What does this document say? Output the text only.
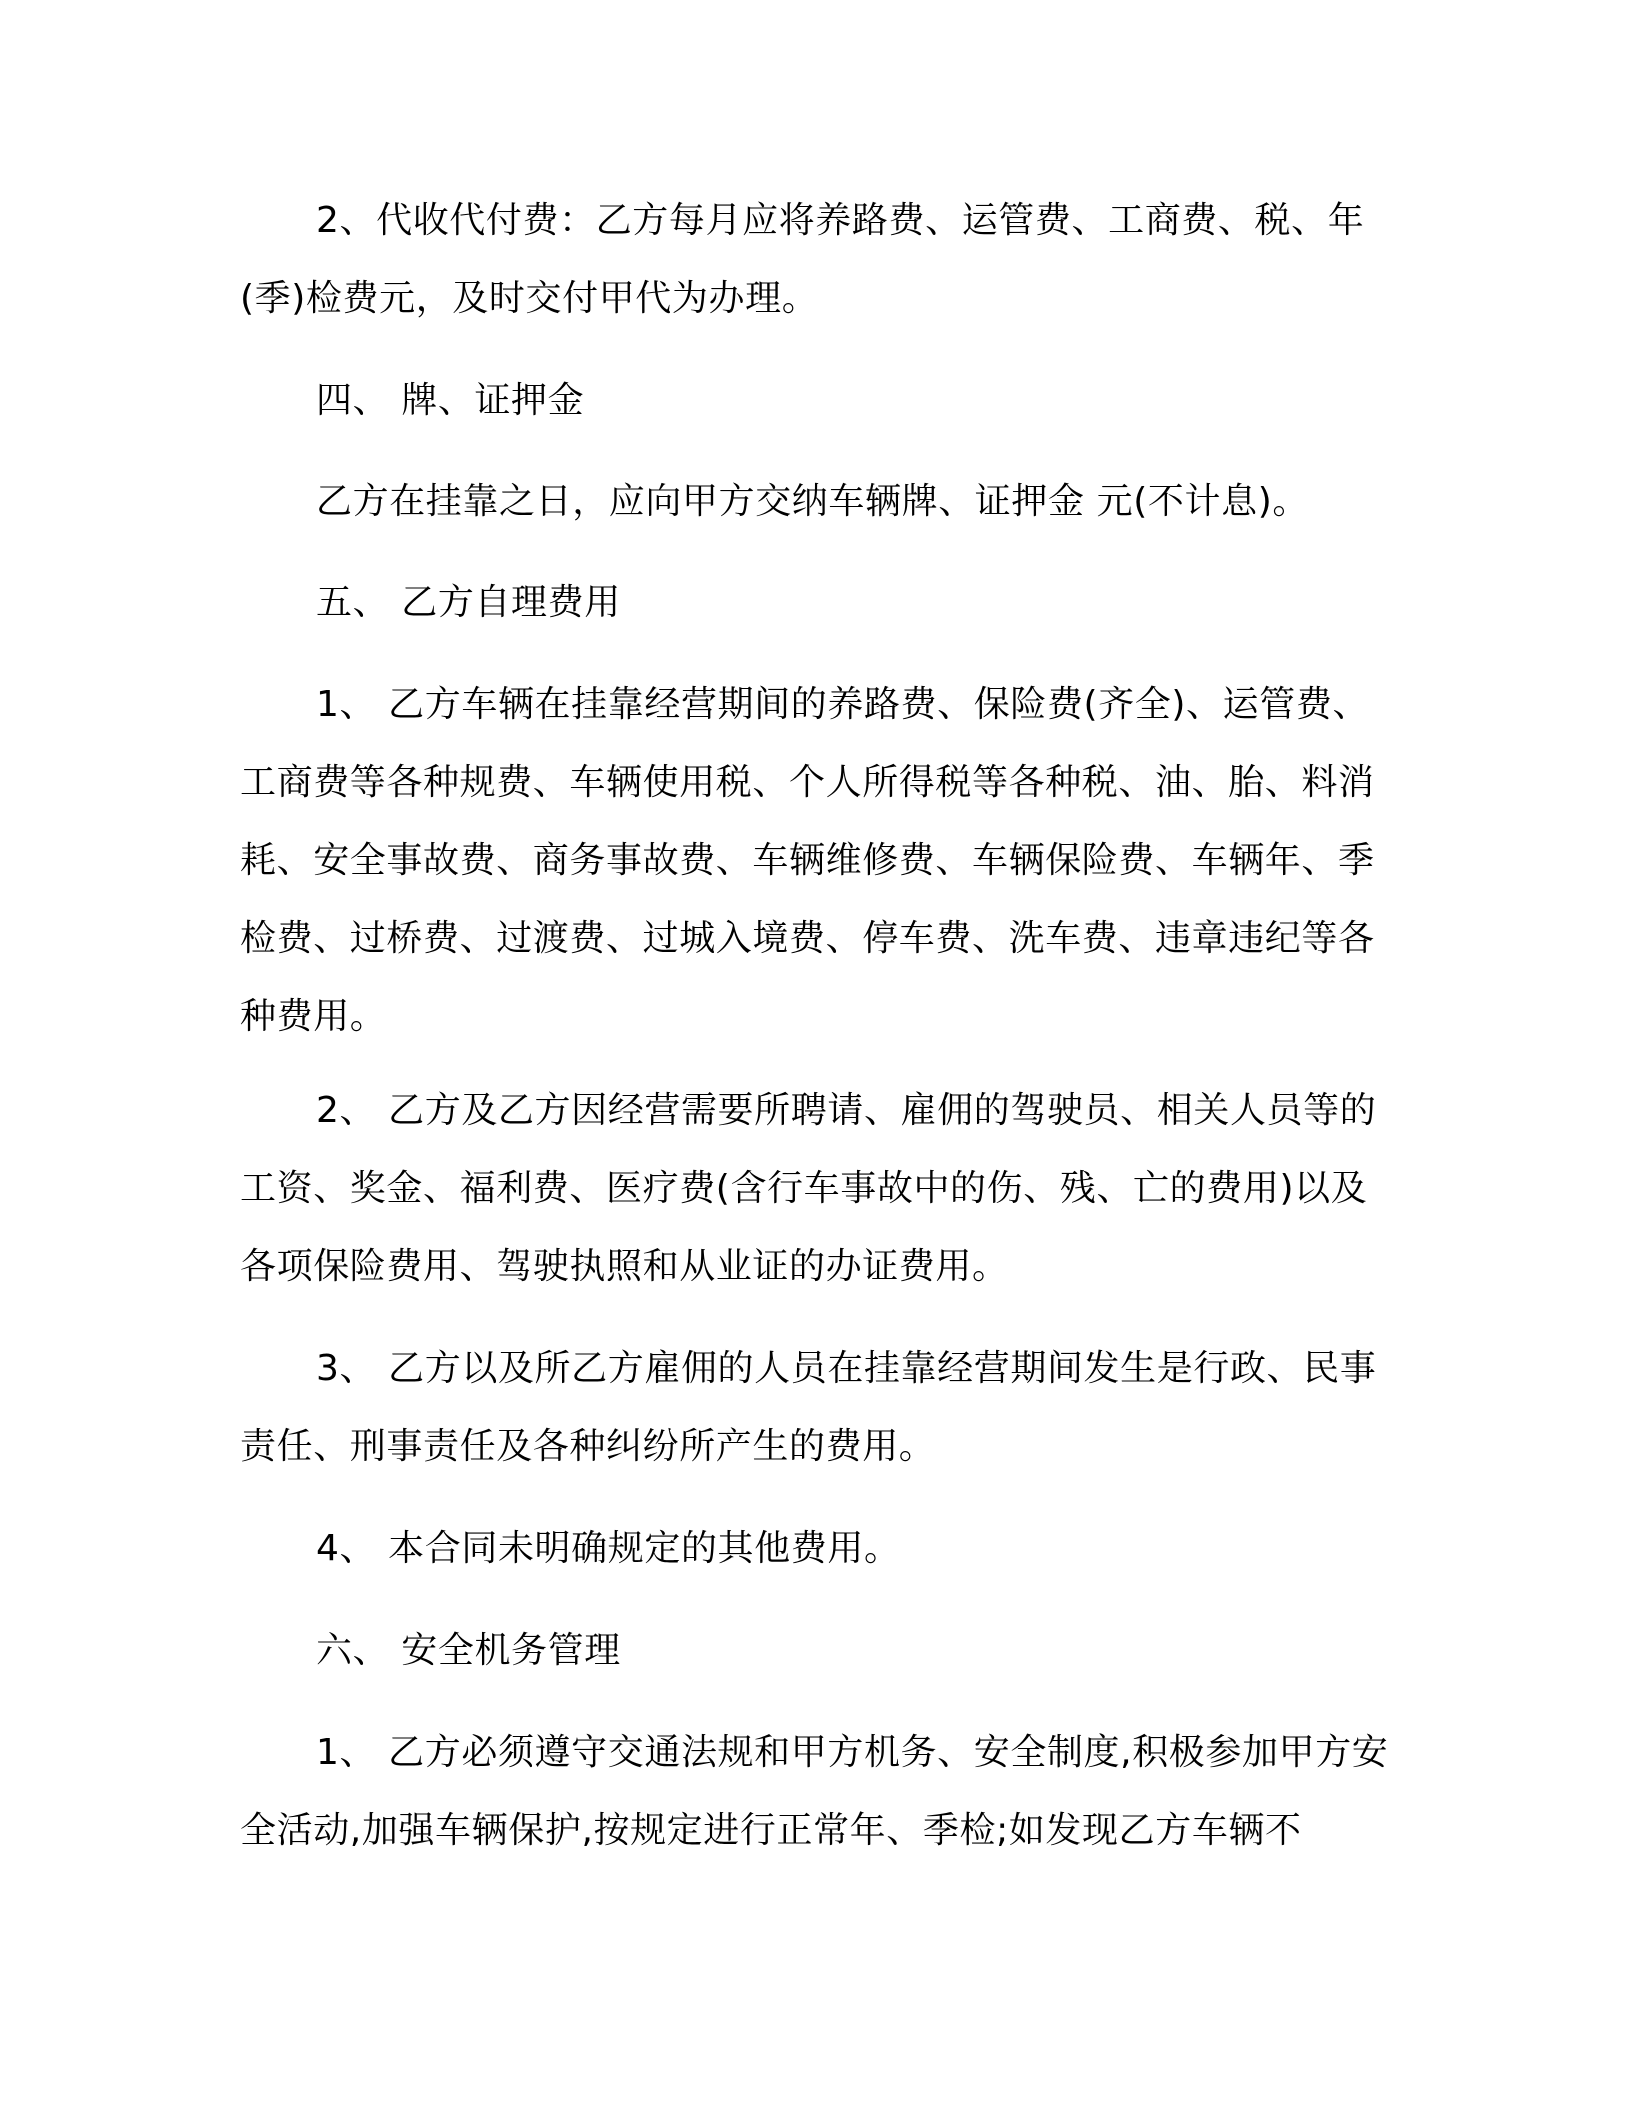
2、代收代付费：乙方每月应将养路费、运管费、工商费、税、年(季)检费元，及时交付甲代为办理。

四、 牌、证押金

乙方在挂靠之日，应向甲方交纳车辆牌、证押金 元(不计息)。

五、 乙方自理费用

1、 乙方车辆在挂靠经营期间的养路费、保险费(齐全)、运管费、工商费等各种规费、车辆使用税、个人所得税等各种税、油、胎、料消耗、安全事故费、商务事故费、车辆维修费、车辆保险费、车辆年、季检费、过桥费、过渡费、过城入境费、停车费、洗车费、违章违纪等各种费用。

2、 乙方及乙方因经营需要所聘请、雇佣的驾驶员、相关人员等的工资、奖金、福利费、医疗费(含行车事故中的伤、残、亡的费用)以及各项保险费用、驾驶执照和从业证的办证费用。

3、 乙方以及所乙方雇佣的人员在挂靠经营期间发生是行政、民事责任、刑事责任及各种纠纷所产生的费用。

4、 本合同未明确规定的其他费用。

六、 安全机务管理

1、 乙方必须遵守交通法规和甲方机务、安全制度,积极参加甲方安全活动,加强车辆保护,按规定进行正常年、季检;如发现乙方车辆不
